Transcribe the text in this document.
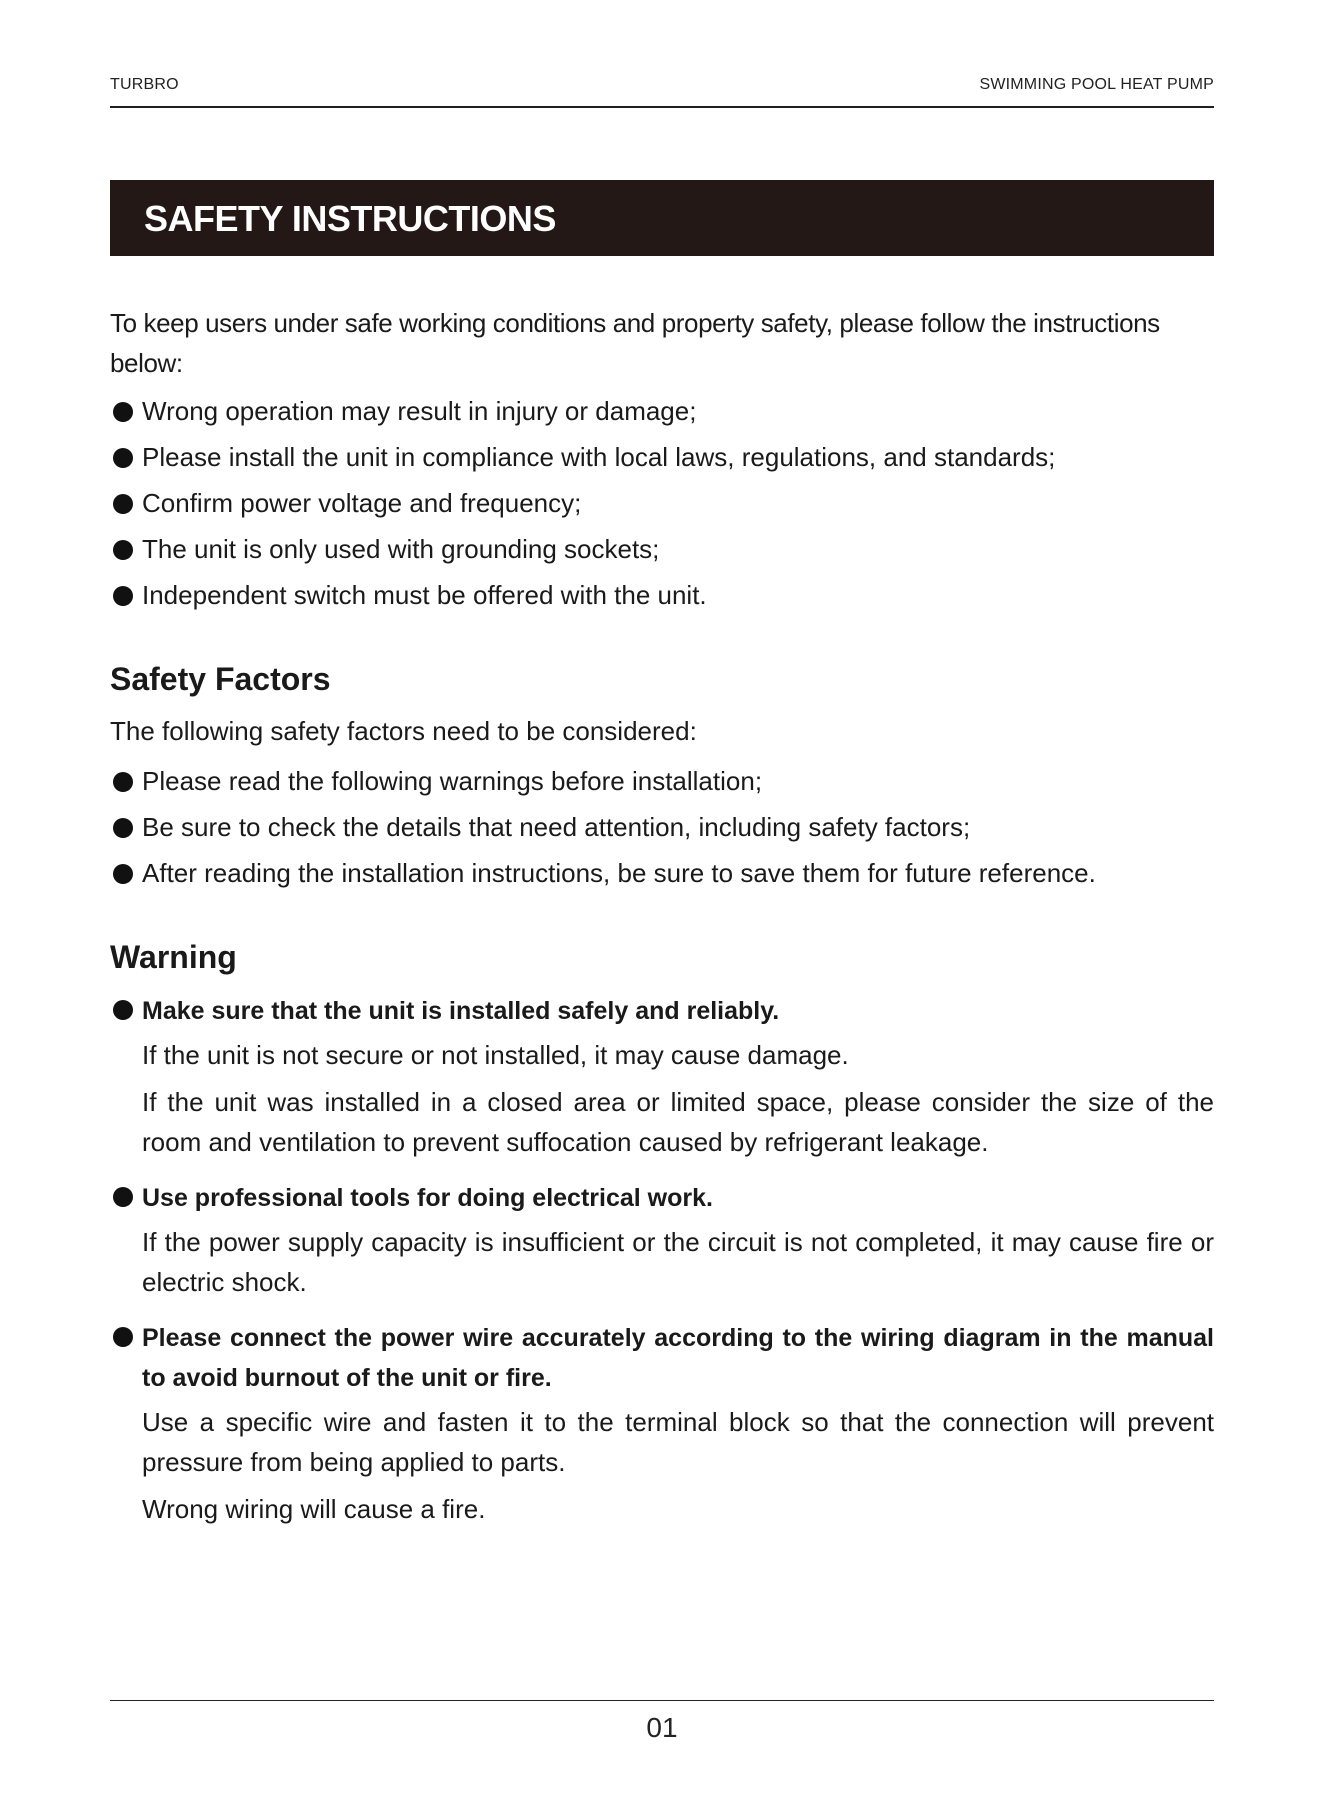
TURBRO	SWIMMING POOL HEAT PUMP
SAFETY INSTRUCTIONS

To keep users under safe working conditions and property safety, please follow the instructions below:

Wrong operation may result in injury or damage;
Please install the unit in compliance with local laws, regulations, and standards;
Confirm power voltage and frequency;
The unit is only used with grounding sockets;
Independent switch must be offered with the unit.
Safety Factors

The following safety factors need to be considered:

Please read the following warnings before installation;
Be sure to check the details that need attention, including safety factors;
After reading the installation instructions, be sure to save them for future reference.
Warning
Make sure that the unit is installed safely and reliably.

If the unit is not secure or not installed, it may cause damage.

If the unit was installed in a closed area or limited space, please consider the size of the room and ventilation to prevent suffocation caused by refrigerant leakage.

Use professional tools for doing electrical work.

If the power supply capacity is insufficient or the circuit is not completed, it may cause fire or electric shock.

Please connect the power wire accurately according to the wiring diagram in the manual to avoid burnout of the unit or fire.

Use a specific wire and fasten it to the terminal block so that the connection will prevent pressure from being applied to parts.

Wrong wiring will cause a fire.

01
